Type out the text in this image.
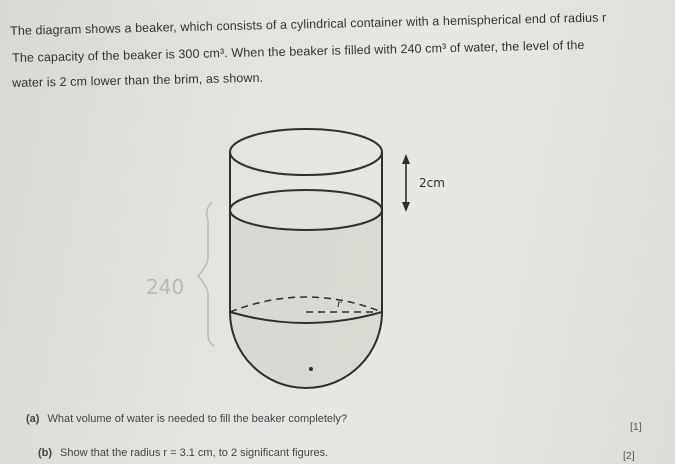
The diagram shows a beaker, which consists of a cylindrical container with a hemispherical end of radius r
The capacity of the beaker is 300 cm³. When the beaker is filled with 240 cm³ of water, the level of the
water is 2 cm lower than the brim, as shown.
240
r
2cm
(a) What volume of water is needed to fill the beaker completely?
[1]
(b) Show that the radius r = 3.1 cm, to 2 significant figures.	[2]
